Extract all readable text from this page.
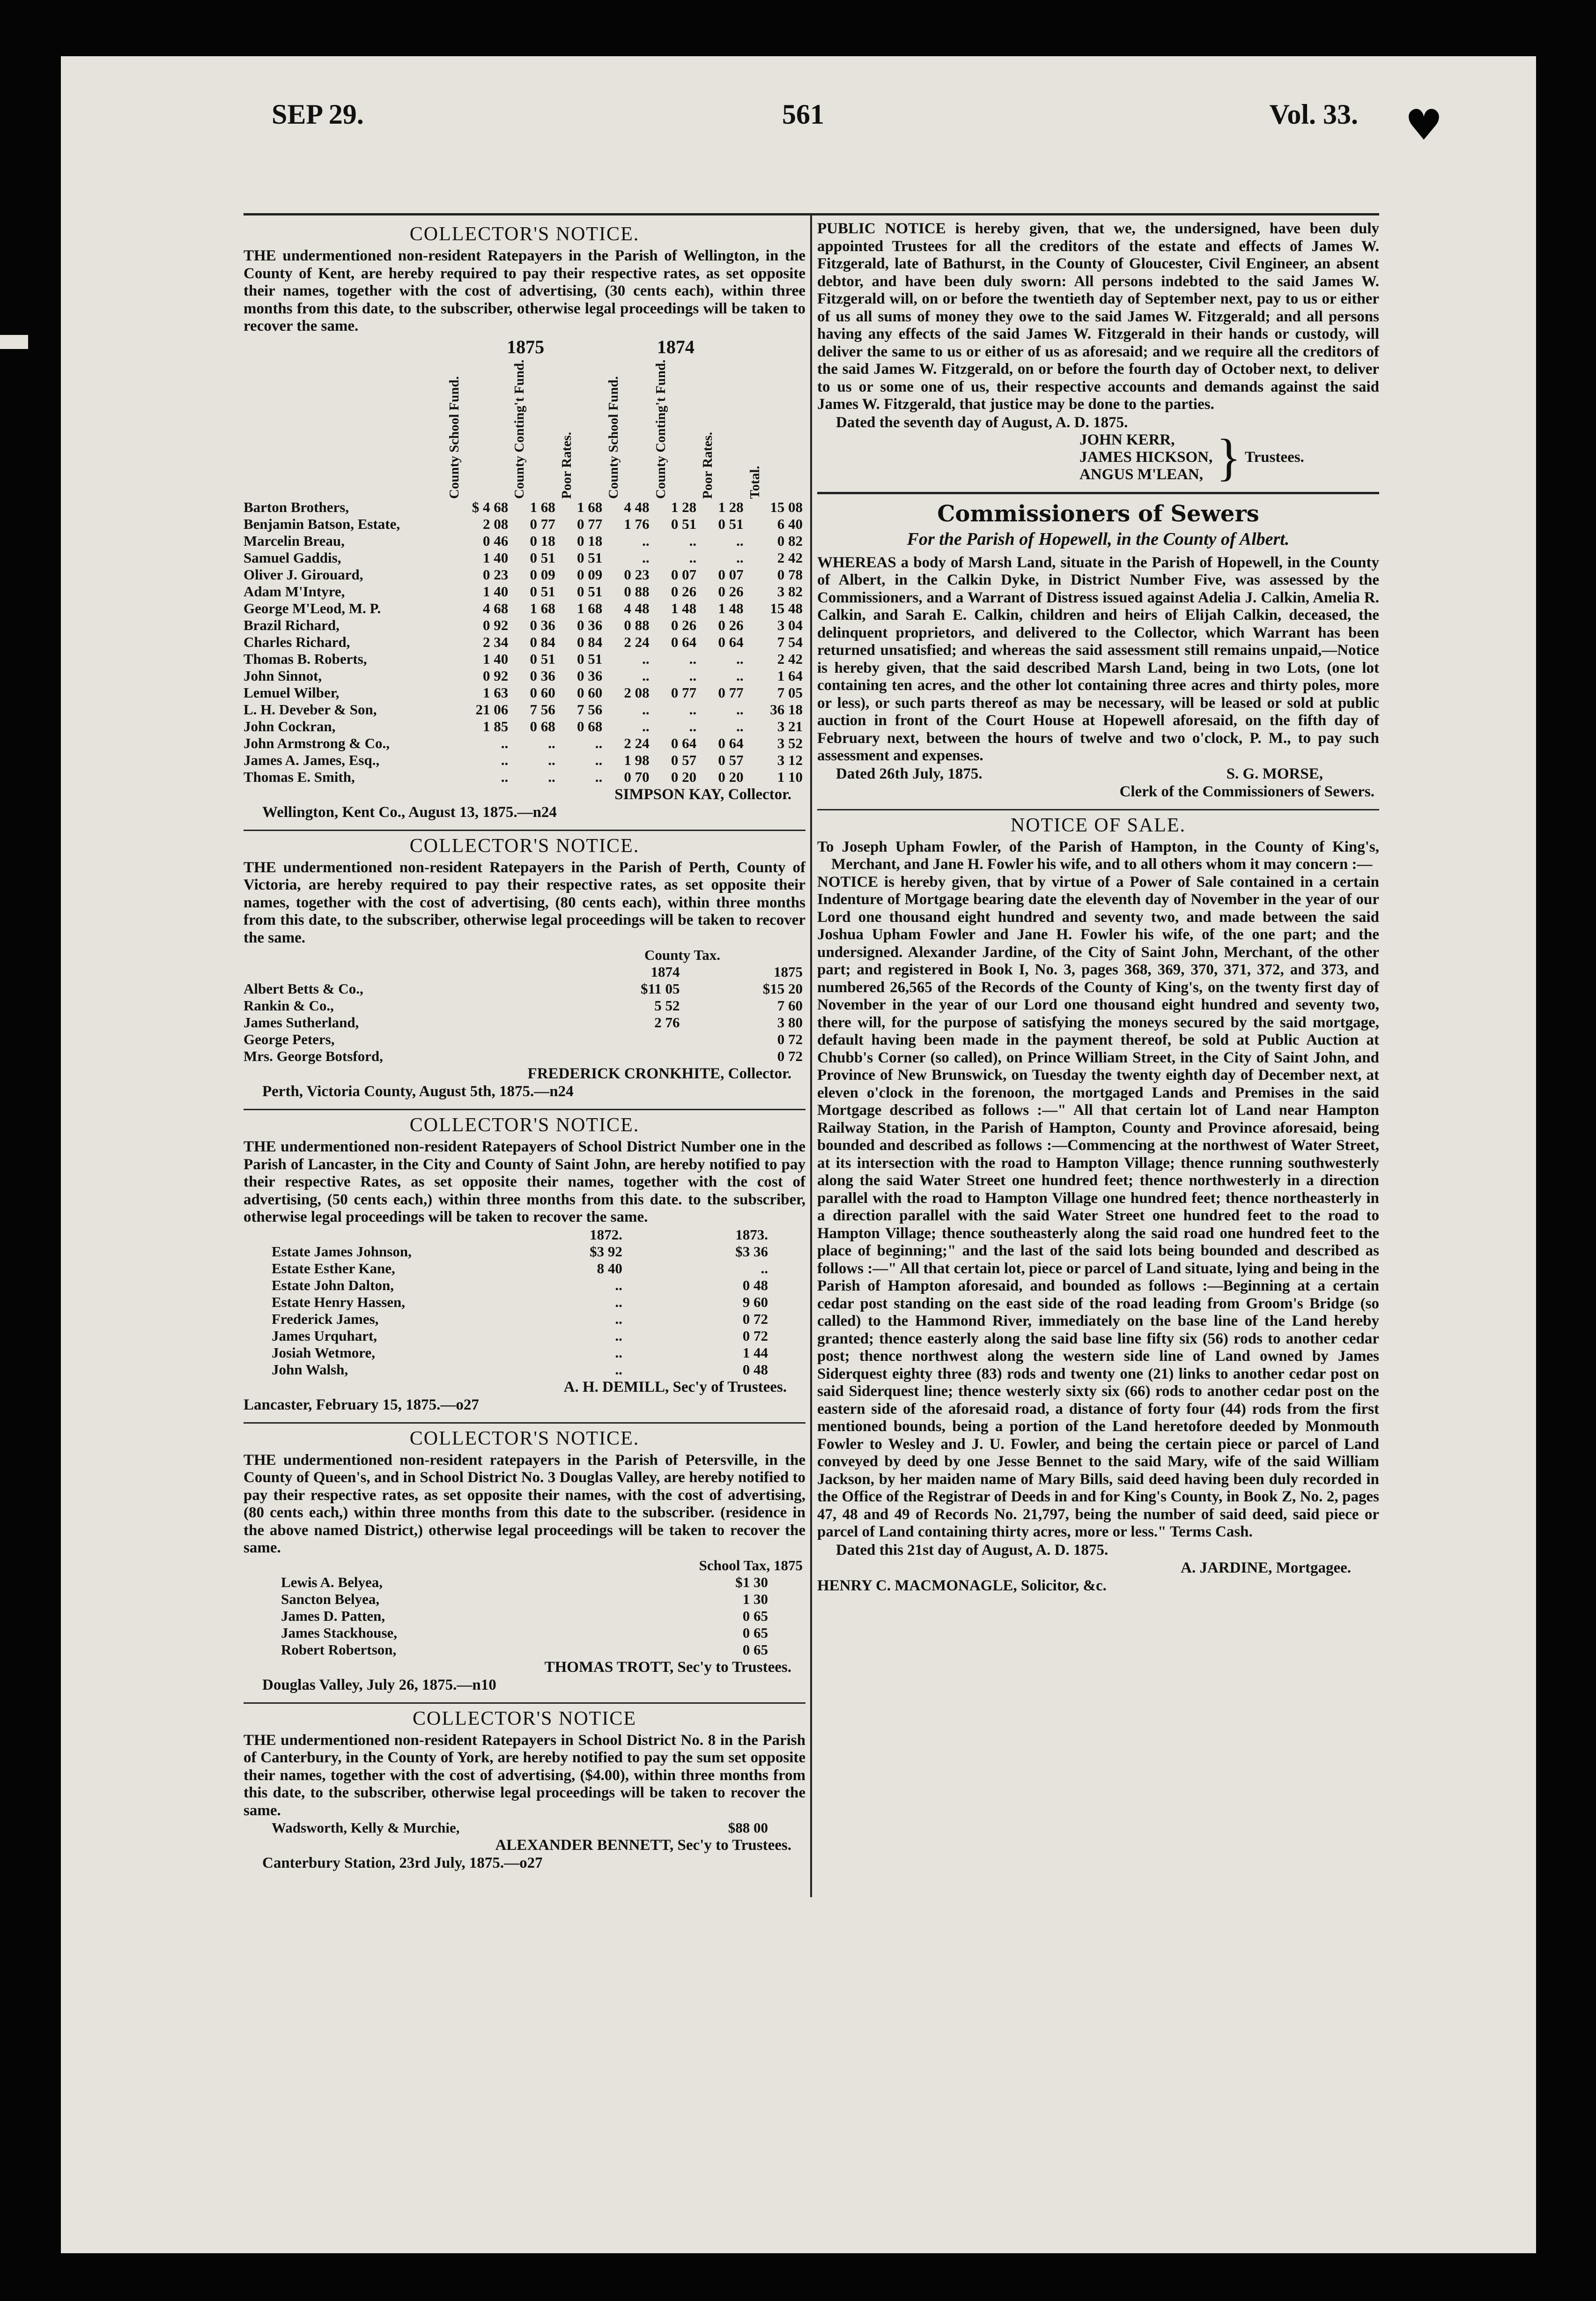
♥
SEP 29.	561	Vol. 33.
COLLECTOR'S NOTICE.

THE undermentioned non-resident Ratepayers in the Parish of Wellington, in the County of Kent, are hereby required to pay their respective rates, as set opposite their names, together with the cost of advertising, (30 cents each), within three months from this date, to the subscriber, otherwise legal proceedings will be taken to recover the same.

	1875			1874			

	County School Fund.	County Conting't Fund.	Poor Rates.	County School Fund.	County Conting't Fund.	Poor Rates.	Total.

Barton Brothers,	$ 4 68	1 68	1 68	4 48	1 28	1 28	15 08
Benjamin Batson, Estate,	2 08	0 77	0 77	1 76	0 51	0 51	6 40
Marcelin Breau,	0 46	0 18	0 18	..	..	..	0 82
Samuel Gaddis,	1 40	0 51	0 51	..	..	..	2 42
Oliver J. Girouard,	0 23	0 09	0 09	0 23	0 07	0 07	0 78
Adam M'Intyre,	1 40	0 51	0 51	0 88	0 26	0 26	3 82
George M'Leod, M. P.	4 68	1 68	1 68	4 48	1 48	1 48	15 48
Brazil Richard,	0 92	0 36	0 36	0 88	0 26	0 26	3 04
Charles Richard,	2 34	0 84	0 84	2 24	0 64	0 64	7 54
Thomas B. Roberts,	1 40	0 51	0 51	..	..	..	2 42
John Sinnot,	0 92	0 36	0 36	..	..	..	1 64
Lemuel Wilber,	1 63	0 60	0 60	2 08	0 77	0 77	7 05
L. H. Deveber & Son,	21 06	7 56	7 56	..	..	..	36 18
John Cockran,	1 85	0 68	0 68	..	..	..	3 21
John Armstrong & Co.,	..	..	..	2 24	0 64	0 64	3 52
James A. James, Esq.,	..	..	..	1 98	0 57	0 57	3 12
Thomas E. Smith,	..	..	..	0 70	0 20	0 20	1 10
SIMPSON KAY, Collector.
Wellington, Kent Co., August 13, 1875.—n24
COLLECTOR'S NOTICE.

THE undermentioned non-resident Ratepayers in the Parish of Perth, County of Victoria, are hereby required to pay their respective rates, as set opposite their names, together with the cost of advertising, (80 cents each), within three months from this date, to the subscriber, otherwise legal proceedings will be taken to recover the same.

	County Tax.	
	1874	1875
Albert Betts & Co.,	$11 05	$15 20
Rankin & Co.,	5 52	7 60
James Sutherland,	2 76	3 80
George Peters,		0 72
Mrs. George Botsford,		0 72
FREDERICK CRONKHITE, Collector.
Perth, Victoria County, August 5th, 1875.—n24
COLLECTOR'S NOTICE.

THE undermentioned non-resident Ratepayers of School District Number one in the Parish of Lancaster, in the City and County of Saint John, are hereby notified to pay their respective Rates, as set opposite their names, together with the cost of advertising, (50 cents each,) within three months from this date. to the subscriber, otherwise legal proceedings will be taken to recover the same.

	1872.	1873.
Estate James Johnson,	$3 92	$3 36
Estate Esther Kane,	8 40	..
Estate John Dalton,	..	0 48
Estate Henry Hassen,	..	9 60
Frederick James,	..	0 72
James Urquhart,	..	0 72
Josiah Wetmore,	..	1 44
John Walsh,	..	0 48
A. H. DEMILL, Sec'y of Trustees.
Lancaster, February 15, 1875.—o27
COLLECTOR'S NOTICE.

THE undermentioned non-resident ratepayers in the Parish of Petersville, in the County of Queen's, and in School District No. 3 Douglas Valley, are hereby notified to pay their respective rates, as set opposite their names, with the cost of advertising, (80 cents each,) within three months from this date to the subscriber. (residence in the above named District,) otherwise legal proceedings will be taken to recover the same.

	School Tax, 1875
Lewis A. Belyea,	$1 30
Sancton Belyea,	1 30
James D. Patten,	0 65
James Stackhouse,	0 65
Robert Robertson,	0 65
THOMAS TROTT, Sec'y to Trustees.
Douglas Valley, July 26, 1875.—n10
COLLECTOR'S NOTICE

THE undermentioned non-resident Ratepayers in School District No. 8 in the Parish of Canterbury, in the County of York, are hereby notified to pay the sum set opposite their names, together with the cost of advertising, ($4.00), within three months from this date, to the subscriber, otherwise legal proceedings will be taken to recover the same.

Wadsworth, Kelly & Murchie,	$88 00
ALEXANDER BENNETT, Sec'y to Trustees.
Canterbury Station, 23rd July, 1875.—o27

PUBLIC NOTICE is hereby given, that we, the undersigned, have been duly appointed Trustees for all the creditors of the estate and effects of James W. Fitzgerald, late of Bathurst, in the County of Gloucester, Civil Engineer, an absent debtor, and have been duly sworn: All persons indebted to the said James W. Fitzgerald will, on or before the twentieth day of September next, pay to us or either of us all sums of money they owe to the said James W. Fitzgerald; and all persons having any effects of the said James W. Fitzgerald in their hands or custody, will deliver the same to us or either of us as aforesaid; and we require all the creditors of the said James W. Fitzgerald, on or before the fourth day of October next, to deliver to us or some one of us, their respective accounts and demands against the said James W. Fitzgerald, that justice may be done to the parties.

Dated the seventh day of August, A. D. 1875.
JOHN KERR,
JAMES HICKSON,
ANGUS M'LEAN, } Trustees.
Commissioners of Sewers
For the Parish of Hopewell, in the County of Albert.

WHEREAS a body of Marsh Land, situate in the Parish of Hopewell, in the County of Albert, in the Calkin Dyke, in District Number Five, was assessed by the Commissioners, and a Warrant of Distress issued against Adelia J. Calkin, Amelia R. Calkin, and Sarah E. Calkin, children and heirs of Elijah Calkin, deceased, the delinquent proprietors, and delivered to the Collector, which Warrant has been returned unsatisfied; and whereas the said assessment still remains unpaid,—Notice is hereby given, that the said described Marsh Land, being in two Lots, (one lot containing ten acres, and the other lot containing three acres and thirty poles, more or less), or such parts thereof as may be necessary, will be leased or sold at public auction in front of the Court House at Hopewell aforesaid, on the fifth day of February next, between the hours of twelve and two o'clock, P. M., to pay such assessment and expenses.

Dated 26th July, 1875.	S. G. MORSE,
Clerk of the Commissioners of Sewers.
NOTICE OF SALE.

To Joseph Upham Fowler, of the Parish of Hampton, in the County of King's, Merchant, and Jane H. Fowler his wife, and to all others whom it may concern :—

NOTICE is hereby given, that by virtue of a Power of Sale contained in a certain Indenture of Mortgage bearing date the eleventh day of November in the year of our Lord one thousand eight hundred and seventy two, and made between the said Joshua Upham Fowler and Jane H. Fowler his wife, of the one part; and the undersigned. Alexander Jardine, of the City of Saint John, Merchant, of the other part; and registered in Book I, No. 3, pages 368, 369, 370, 371, 372, and 373, and numbered 26,565 of the Records of the County of King's, on the twenty first day of November in the year of our Lord one thousand eight hundred and seventy two, there will, for the purpose of satisfying the moneys secured by the said mortgage, default having been made in the payment thereof, be sold at Public Auction at Chubb's Corner (so called), on Prince William Street, in the City of Saint John, and Province of New Brunswick, on Tuesday the twenty eighth day of December next, at eleven o'clock in the forenoon, the mortgaged Lands and Premises in the said Mortgage described as follows :—" All that certain lot of Land near Hampton Railway Station, in the Parish of Hampton, County and Province aforesaid, being bounded and described as follows :—Commencing at the northwest of Water Street, at its intersection with the road to Hampton Village; thence running southwesterly along the said Water Street one hundred feet; thence northwesterly in a direction parallel with the road to Hampton Village one hundred feet; thence northeasterly in a direction parallel with the said Water Street one hundred feet to the road to Hampton Village; thence southeasterly along the said road one hundred feet to the place of beginning;" and the last of the said lots being bounded and described as follows :—" All that certain lot, piece or parcel of Land situate, lying and being in the Parish of Hampton aforesaid, and bounded as follows :—Beginning at a certain cedar post standing on the east side of the road leading from Groom's Bridge (so called) to the Hammond River, immediately on the base line of the Land hereby granted; thence easterly along the said base line fifty six (56) rods to another cedar post; thence northwest along the western side line of Land owned by James Siderquest eighty three (83) rods and twenty one (21) links to another cedar post on said Siderquest line; thence westerly sixty six (66) rods to another cedar post on the eastern side of the aforesaid road, a distance of forty four (44) rods from the first mentioned bounds, being a portion of the Land heretofore deeded by Monmouth Fowler to Wesley and J. U. Fowler, and being the certain piece or parcel of Land conveyed by deed by one Jesse Bennet to the said Mary, wife of the said William Jackson, by her maiden name of Mary Bills, said deed having been duly recorded in the Office of the Registrar of Deeds in and for King's County, in Book Z, No. 2, pages 47, 48 and 49 of Records No. 21,797, being the number of said deed, said piece or parcel of Land containing thirty acres, more or less." Terms Cash.

Dated this 21st day of August, A. D. 1875.
A. JARDINE, Mortgagee.
HENRY C. MACMONAGLE, Solicitor, &c.
